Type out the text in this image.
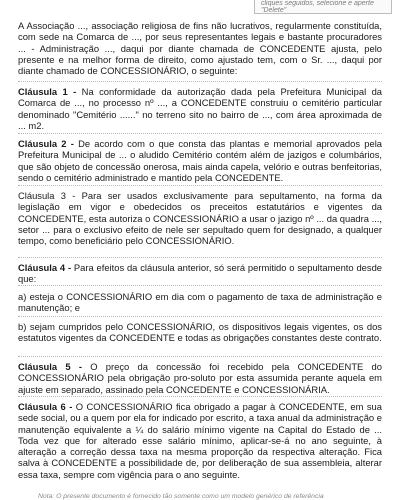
cliques seguidos, selecione e aperte "Delete"

A Associação ..., associação religiosa de fins não lucrativos, regularmente constituída, com sede na Comarca de ..., por seus representantes legais e bastante procuradores ... - Administração ..., daqui por diante chamada de CONCEDENTE ajusta, pelo presente e na melhor forma de direito, como ajustado tem, com o Sr. ..., daqui por diante chamado de CONCESSIONÁRIO, o seguinte:

Cláusula 1 - Na conformidade da autorização dada pela Prefeitura Municipal da Comarca de ..., no processo nº ..., a CONCEDENTE construiu o cemitério particular denominado "Cemitério ......" no terreno sito no bairro de ..., com área aproximada de ... m2.

Cláusula 2 - De acordo com o que consta das plantas e memorial aprovados pela Prefeitura Municipal de ... o aludido Cemitério contém além de jazigos e columbários, que são objeto de concessão onerosa, mais ainda capela, velório e outras benfeitorias, sendo o cemitério administrado e mantido pela CONCEDENTE.

Cláusula 3 - Para ser usados exclusivamente para sepultamento, na forma da legislação em vigor e obedecidos os preceitos estatutários e vigentes da CONCEDENTE, esta autoriza o CONCESSIONÁRIO a usar o jazigo nº ... da quadra ..., setor ... para o exclusivo efeito de nele ser sepultado quem for designado, a qualquer tempo, como beneficiário pelo CONCESSIONÁRIO.

Cláusula 4 - Para efeitos da cláusula anterior, só será permitido o sepultamento desde que:

a) esteja o CONCESSIONÁRIO em dia com o pagamento de taxa de administração e manutenção; e

b) sejam cumpridos pelo CONCESSIONÁRIO, os dispositivos legais vigentes, os dos estatutos vigentes da CONCEDENTE e todas as obrigações constantes deste contrato.

Cláusula 5 - O preço da concessão foi recebido pela CONCEDENTE do CONCESSIONÁRIO pela obrigação pro-soluto por esta assumida perante aquela em ajuste em separado, assinado pela CONCEDENTE e CONCESSIONÁRIA.

Cláusula 6 - O CONCESSIONÁRIO fica obrigado a pagar à CONCEDENTE, em sua sede social, ou a quem por ela for indicado por escrito, a taxa anual da administração e manutenção equivalente a ¼ do salário mínimo vigente na Capital do Estado de ... Toda vez que for alterado esse salário mínimo, aplicar-se-á no ano seguinte, à alteração a correção dessa taxa na mesma proporção da respectiva alteração. Fica salva à CONCEDENTE a possibilidade de, por deliberação de sua assembleia, alterar essa taxa, sempre com vigência para o ano seguinte.

Nota: O presente documento é fornecido tão somente como um modelo genérico de referência
